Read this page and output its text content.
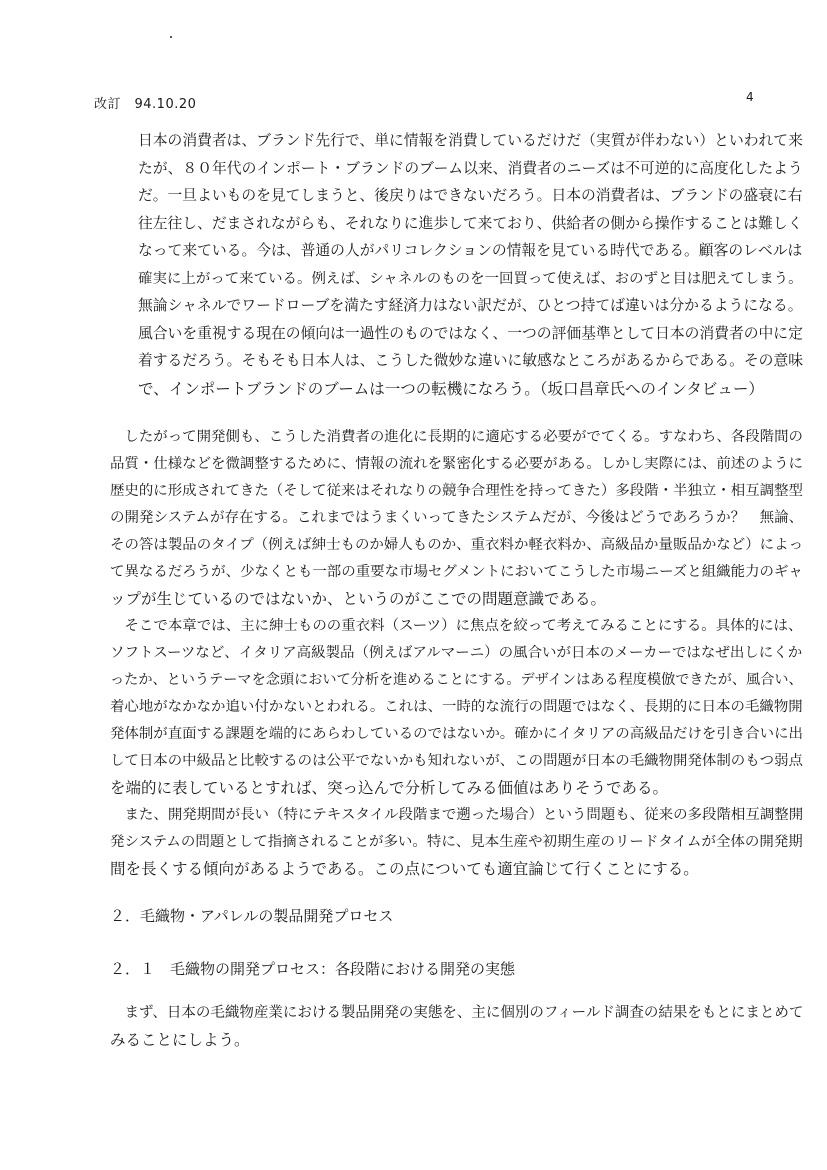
改訂　94.10.20	4
日本の消費者は、ブランド先行で、単に情報を消費しているだけだ（実質が伴わない）といわれて来
たが、８０年代のインポート・ブランドのブーム以来、消費者のニーズは不可逆的に高度化したよう
だ。一旦よいものを見てしまうと、後戻りはできないだろう。日本の消費者は、ブランドの盛衰に右
往左往し、だまされながらも、それなりに進歩して来ており、供給者の側から操作することは難しく
なって来ている。今は、普通の人がパリコレクションの情報を見ている時代である。顧客のレベルは
確実に上がって来ている。例えば、シャネルのものを一回買って使えば、おのずと目は肥えてしまう。
無論シャネルでワードローブを満たす経済力はない訳だが、ひとつ持てば違いは分かるようになる。
風合いを重視する現在の傾向は一過性のものではなく、一つの評価基準として日本の消費者の中に定
着するだろう。そもそも日本人は、こうした微妙な違いに敏感なところがあるからである。その意味
で、インポートブランドのブームは一つの転機になろう。（坂口昌章氏へのインタビュー）
　したがって開発側も、こうした消費者の進化に長期的に適応する必要がでてくる。すなわち、各段階間の
品質・仕様などを微調整するために、情報の流れを緊密化する必要がある。しかし実際には、前述のように
歴史的に形成されてきた（そして従来はそれなりの競争合理性を持ってきた）多段階・半独立・相互調整型
の開発システムが存在する。これまではうまくいってきたシステムだが、今後はどうであろうか？　無論、
その答は製品のタイプ（例えば紳士ものか婦人ものか、重衣料か軽衣料か、高級品か量販品かなど）によっ
て異なるだろうが、少なくとも一部の重要な市場セグメントにおいてこうした市場ニーズと組織能力のギャ
ップが生じているのではないか、というのがここでの問題意識である。
　そこで本章では、主に紳士ものの重衣料（スーツ）に焦点を絞って考えてみることにする。具体的には、
ソフトスーツなど、イタリア高級製品（例えばアルマーニ）の風合いが日本のメーカーではなぜ出しにくか
ったか、というテーマを念頭において分析を進めることにする。デザインはある程度模倣できたが、風合い、
着心地がなかなか追い付かないとわれる。これは、一時的な流行の問題ではなく、長期的に日本の毛織物開
発体制が直面する課題を端的にあらわしているのではないか。確かにイタリアの高級品だけを引き合いに出
して日本の中級品と比較するのは公平でないかも知れないが、この問題が日本の毛織物開発体制のもつ弱点
を端的に表しているとすれば、突っ込んで分析してみる価値はありそうである。
　また、開発期間が長い（特にテキスタイル段階まで遡った場合）という問題も、従来の多段階相互調整開
発システムの問題として指摘されることが多い。特に、見本生産や初期生産のリードタイムが全体の開発期
間を長くする傾向があるようである。この点についても適宜論じて行くことにする。
２．毛織物・アパレルの製品開発プロセス
２．１　毛織物の開発プロセス：各段階における開発の実態
　まず、日本の毛織物産業における製品開発の実態を、主に個別のフィールド調査の結果をもとにまとめて
みることにしよう。
